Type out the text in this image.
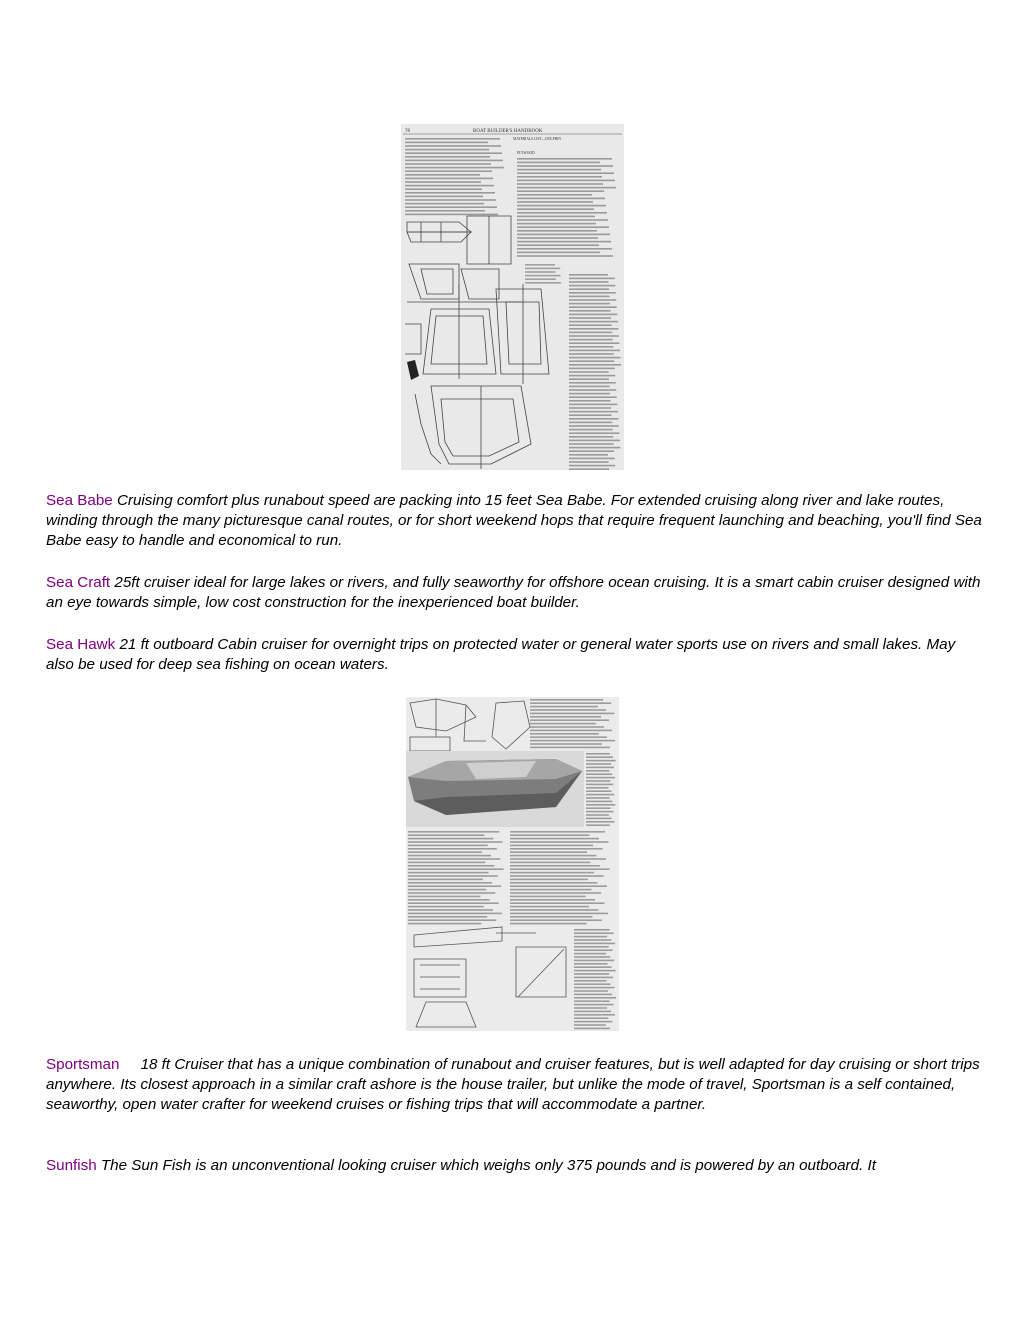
78	BOAT BUILDER'S HANDBOOK
MATERIALS LIST—DOLPHIN
PLYWOOD

Sea Babe Cruising comfort plus runabout speed are packing into 15 feet Sea Babe. For extended cruising along river and lake routes, winding through the many picturesque canal routes, or for short weekend hops that require frequent launching and beaching, you'll find Sea Babe easy to handle and economical to run.

Sea Craft 25ft cruiser ideal for large lakes or rivers, and fully seaworthy for offshore ocean cruising. It is a smart cabin cruiser designed with an eye towards simple, low cost construction for the inexperienced boat builder.

Sea Hawk 21 ft outboard Cabin cruiser for overnight trips on protected water or general water sports use on rivers and small lakes. May also be used for deep sea fishing on ocean waters.

Sportsman 18 ft Cruiser that has a unique combination of runabout and cruiser features, but is well adapted for day cruising or short trips anywhere. Its closest approach in a similar craft ashore is the house trailer, but unlike the mode of travel, Sportsman is a self contained, seaworthy, open water crafter for weekend cruises or fishing trips that will accommodate a partner.

Sunfish The Sun Fish is an unconventional looking cruiser which weighs only 375 pounds and is powered by an outboard. It
